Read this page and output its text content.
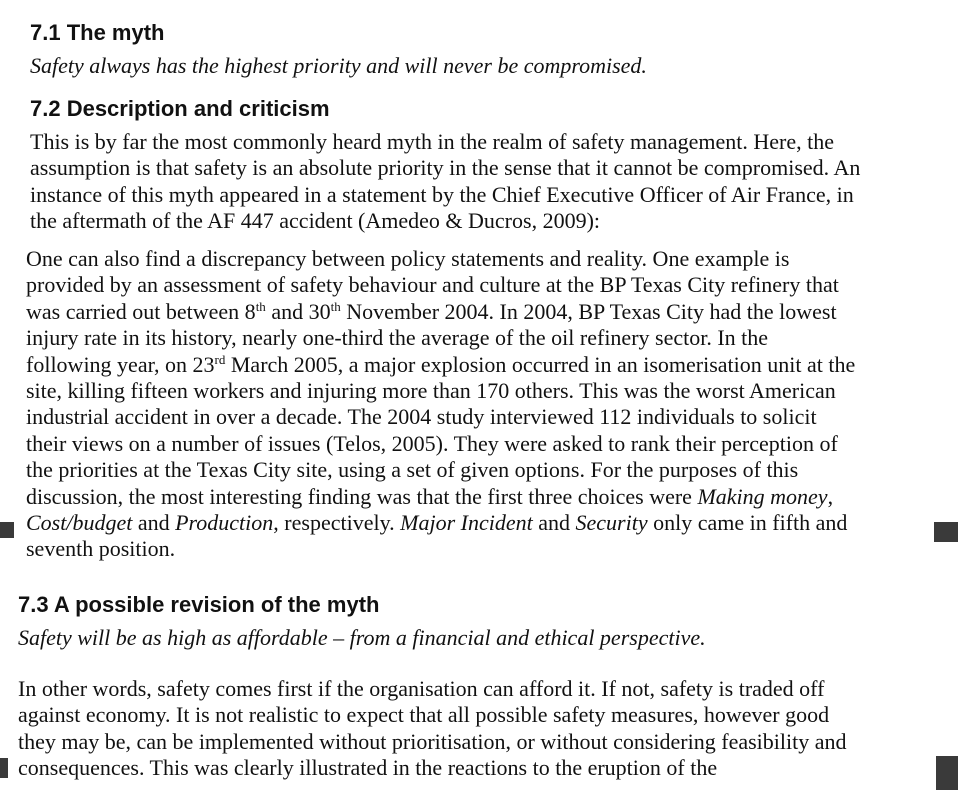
7.1 The myth

Safety always has the highest priority and will never be compromised.

7.2 Description and criticism

This is by far the most commonly heard myth in the realm of safety management. Here, the
assumption is that safety is an absolute priority in the sense that it cannot be compromised. An
instance of this myth appeared in a statement by the Chief Executive Officer of Air France, in
the aftermath of the AF 447 accident (Amedeo & Ducros, 2009):

One can also find a discrepancy between policy statements and reality. One example is
provided by an assessment of safety behaviour and culture at the BP Texas City refinery that
was carried out between 8th and 30th November 2004. In 2004, BP Texas City had the lowest
injury rate in its history, nearly one-third the average of the oil refinery sector. In the
following year, on 23rd March 2005, a major explosion occurred in an isomerisation unit at the
site, killing fifteen workers and injuring more than 170 others. This was the worst American
industrial accident in over a decade. The 2004 study interviewed 112 individuals to solicit
their views on a number of issues (Telos, 2005). They were asked to rank their perception of
the priorities at the Texas City site, using a set of given options. For the purposes of this
discussion, the most interesting finding was that the first three choices were Making money,
Cost/budget and Production, respectively. Major Incident and Security only came in fifth and
seventh position.

7.3 A possible revision of the myth

Safety will be as high as affordable – from a financial and ethical perspective.

In other words, safety comes first if the organisation can afford it. If not, safety is traded off
against economy. It is not realistic to expect that all possible safety measures, however good
they may be, can be implemented without prioritisation, or without considering feasibility and
consequences. This was clearly illustrated in the reactions to the eruption of the
